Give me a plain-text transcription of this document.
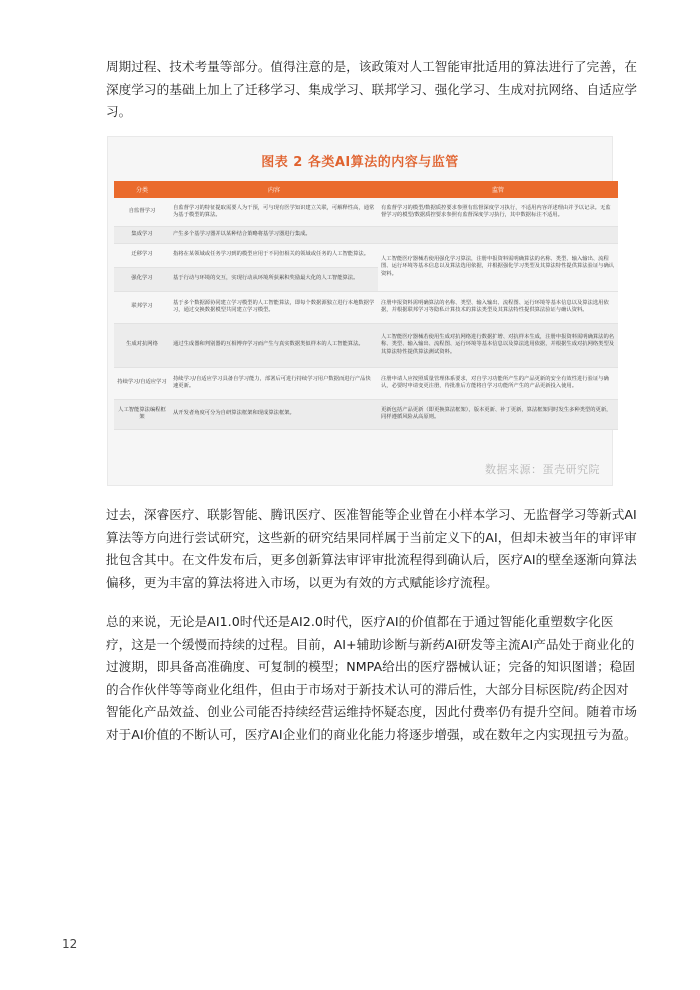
周期过程、技术考量等部分。值得注意的是，该政策对人工智能审批适用的算法进行了完善，在深度学习的基础上加上了迁移学习、集成学习、联邦学习、强化学习、生成对抗网络、自适应学习。
图表 2 各类AI算法的内容与监管
分类	内容	监管
自监督学习	自监督学习的特征提取需要人为干预，可与现有医学知识建立关联，可解释性高，通常为基于模型的算法。	有监督学习的模型/数据质控要求参照有监督深度学习执行，不适用内容详述理由并予以记录。无监督学习的模型/数据质控要求参照有监督深度学习执行，其中数据标注不适用。
集成学习	产生多个基学习器并以某种结合策略将基学习器进行集成。	
迁移学习	指将在某领域或任务学习到的模型应用于不同但相关的领域或任务的人工智能算法。	人工智能医疗器械若使用强化学习算法，注册申报资料需明确算法的名称、类型、输入输出、流程图、运行环境等基本信息以及算法选用依据，并根据强化学习类型及其算法特性提供算法验证与确认资料。
强化学习	基于行动与环境的交互，实现行动从环境所获累积奖励最大化的人工智能算法。	
联邦学习	基于多个数据源协同建立学习模型的人工智能算法，即每个数据源独立进行本地数据学习，通过交换数据模型共同建立学习模型。	注册申报资料需明确算法的名称、类型、输入输出、流程图、运行环境等基本信息以及算法选用依据，并根据联邦学习等隐私计算技术的算法类型及其算法特性提供算法验证与确认资料。
生成对抗网络	通过生成器和判别器的互相博弈学习而产生与真实数据类似样本的人工智能算法。	人工智能医疗器械若使用生成对抗网络进行数据扩增、对抗样本生成，注册申报资料需明确算法的名称、类型、输入输出、流程图、运行环境等基本信息以及算法选用依据，并根据生成对抗网络类型及其算法特性提供算法测试资料。
持续学习/自适应学习	持续学习/自适应学习具备自学习能力，部署后可进行持续学习用户数据而进行产品快速更新。	注册申请人应按照质量管理体系要求，对自学习功能所产生的产品更新的安全有效性进行验证与确认，必要时申请变更注册，待批准后方能将自学习功能所产生的产品更新投入使用。
人工智能算法编程框架	从开发者角度可分为自研算法框架和现成算法框架。	更新包括产品更新（即更换算法框架），版本更新、补丁更新，算法框架同时发生多种类型的更新，同样遵循风险从高原则。
数据来源：蛋壳研究院
过去，深睿医疗、联影智能、腾讯医疗、医准智能等企业曾在小样本学习、无监督学习等新式AI算法等方向进行尝试研究，这些新的研究结果同样属于当前定义下的AI，但却未被当年的审评审批包含其中。在文件发布后，更多创新算法审评审批流程得到确认后，医疗AI的壁垒逐渐向算法偏移，更为丰富的算法将进入市场，以更为有效的方式赋能诊疗流程。
总的来说，无论是AI1.0时代还是AI2.0时代，医疗AI的价值都在于通过智能化重塑数字化医疗，这是一个缓慢而持续的过程。目前，AI+辅助诊断与新药AI研发等主流AI产品处于商业化的过渡期，即具备高准确度、可复制的模型；NMPA给出的医疗器械认证；完备的知识图谱；稳固的合作伙伴等等商业化组件，但由于市场对于新技术认可的滞后性，大部分目标医院/药企因对智能化产品效益、创业公司能否持续经营运维持怀疑态度，因此付费率仍有提升空间。随着市场对于AI价值的不断认可，医疗AI企业们的商业化能力将逐步增强，或在数年之内实现扭亏为盈。
12
